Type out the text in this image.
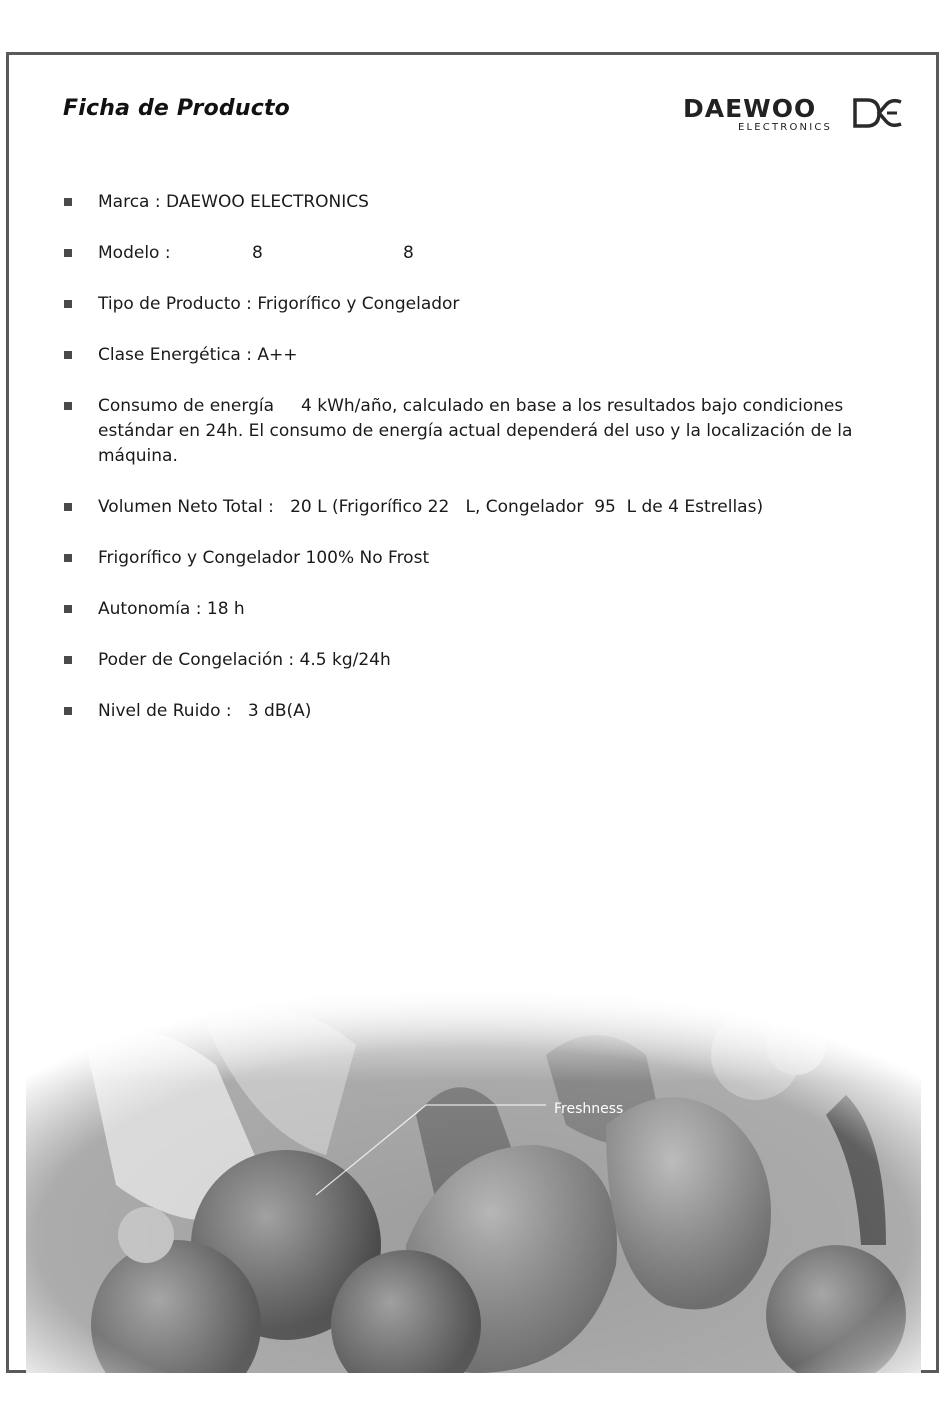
Ficha de Producto	DAEWOO
ELECTRONICS
Marca : DAEWOO ELECTRONICS
Modelo :	8	8
Tipo de Producto : Frigorífico y Congelador
Clase Energética : A++
Consumo de energía     4 kWh/año, calculado en base a los resultados bajo condiciones estándar en 24h. El consumo de energía actual dependerá del uso y la localización de la máquina.
Volumen Neto Total :   20 L (Frigorífico 22   L, Congelador  95  L de 4 Estrellas)
Frigorífico y Congelador 100% No Frost
Autonomía : 18 h
Poder de Congelación : 4.5 kg/24h
Nivel de Ruido :   3 dB(A)
